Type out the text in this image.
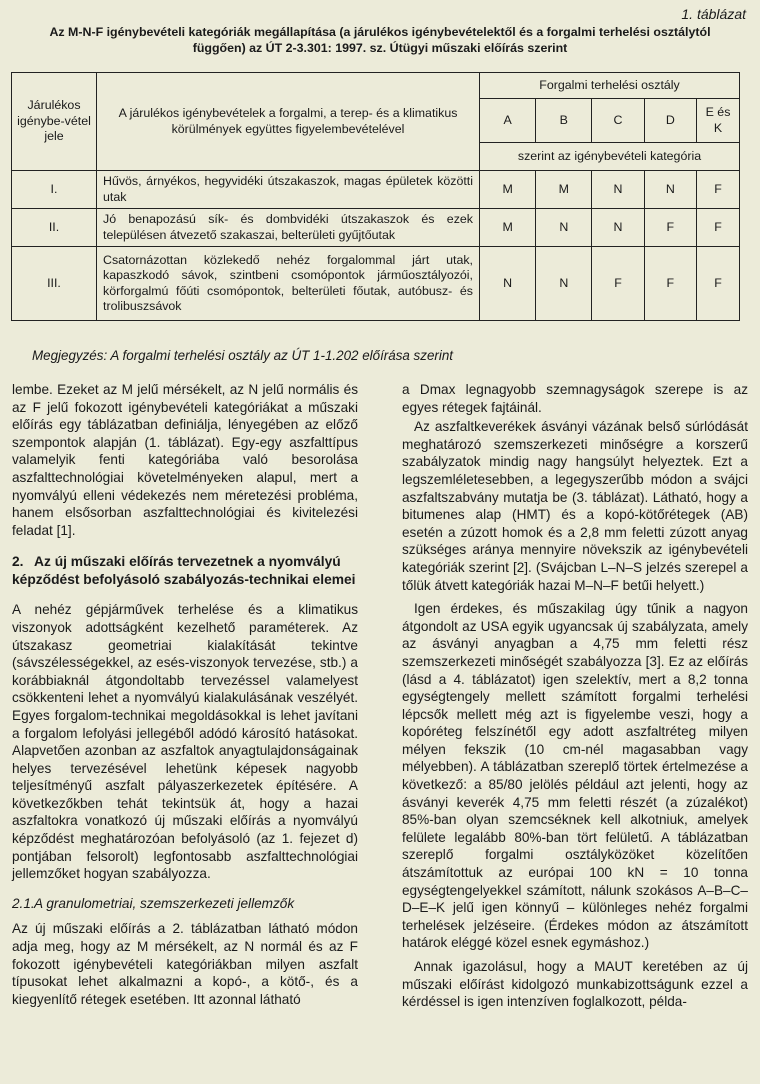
1. táblázat
Az M-N-F igénybevételi kategóriák megállapítása (a járulékos igénybevételektől és a forgalmi terhelési osztálytól függően) az ÚT 2-3.301: 1997. sz. Útügyi műszaki előírás szerint
Járulékos igénybe-vétel jele	A járulékos igénybevételek a forgalmi, a terep- és a klimatikus körülmények együttes figyelembevételével	Forgalmi terhelési osztály				
		A	B	C	D	E és K
		szerint az igénybevételi kategória				
I.	Hűvös, árnyékos, hegyvidéki útszakaszok, magas épületek közötti utak	M	M	N	N	F
II.	Jó benapozású sík- és dombvidéki útszakaszok és ezek településen átvezető szakaszai, belterületi gyűjtőutak	M	N	N	F	F
III.	Csatornázottan közlekedő nehéz forgalommal járt utak, kapaszkodó sávok, szintbeni csomópontok járműosztályozói, körforgalmú főúti csomópontok, belterületi főutak, autóbusz- és trolibuszsávok	N	N	F	F	F
Megjegyzés: A forgalmi terhelési osztály az ÚT 1-1.202 előírása szerint

lembe. Ezeket az M jelű mérsékelt, az N jelű normális és az F jelű fokozott igénybevételi kategóriákat a műszaki előírás egy táblázatban definiálja, lényegében az előző szempontok alapján (1. táblázat). Egy-egy aszfalttípus valamelyik fenti kategóriába való besorolása aszfalttechnológiai követelményeken alapul, mert a nyomvályú elleni védekezés nem méretezési probléma, hanem elsősorban aszfalttechnológiai és kivitelezési feladat [1].

2. Az új műszaki előírás tervezetnek a nyomvályú képződést befolyásoló szabályozás-technikai elemei

A nehéz gépjárművek terhelése és a klimatikus viszonyok adottságként kezelhető paraméterek. Az útszakasz geometriai kialakítását tekintve (sávszélességekkel, az esés-viszonyok tervezése, stb.) a korábbiaknál átgondoltabb tervezéssel valamelyest csökkenteni lehet a nyomvályú kialakulásának veszélyét. Egyes forgalom-technikai megoldásokkal is lehet javítani a forgalom lefolyási jellegéből adódó károsító hatásokat. Alapvetően azonban az aszfaltok anyagtulajdonságainak helyes tervezésével lehetünk képesek nagyobb teljesítményű aszfalt pályaszerkezetek építésére. A következőkben tehát tekintsük át, hogy a hazai aszfaltokra vonatkozó új műszaki előírás a nyomvályú képződést meghatározóan befolyásoló (az 1. fejezet d) pontjában felsorolt) legfontosabb aszfalttechnológiai jellemzőket hogyan szabályozza.

2.1.A granulometriai, szemszerkezeti jellemzők

Az új műszaki előírás a 2. táblázatban látható módon adja meg, hogy az M mérsékelt, az N normál és az F fokozott igénybevételi kategóriákban milyen aszfalt típusokat lehet alkalmazni a kopó-, a kötő-, és a kiegyenlítő rétegek esetében. Itt azonnal látható

a Dmax legnagyobb szemnagyságok szerepe is az egyes rétegek fajtáinál.

Az aszfaltkeverékek ásványi vázának belső súrlódását meghatározó szemszerkezeti minőségre a korszerű szabályzatok mindig nagy hangsúlyt helyeztek. Ezt a legszemléletesebben, a legegyszerűbb módon a svájci aszfaltszabvány mutatja be (3. táblázat). Látható, hogy a bitumenes alap (HMT) és a kopó-kötőrétegek (AB) esetén a zúzott homok és a 2,8 mm feletti zúzott anyag szükséges aránya mennyire növekszik az igénybevételi kategóriák szerint [2]. (Svájcban L–N–S jelzés szerepel a tőlük átvett kategóriák hazai M–N–F betűi helyett.)

Igen érdekes, és műszakilag úgy tűnik a nagyon átgondolt az USA egyik ugyancsak új szabályzata, amely az ásványi anyagban a 4,75 mm feletti rész szemszerkezeti minőségét szabályozza [3]. Ez az előírás (lásd a 4. táblázatot) igen szelektív, mert a 8,2 tonna egységtengely mellett számított forgalmi terhelési lépcsők mellett még azt is figyelembe veszi, hogy a kopóréteg felszínétől egy adott aszfaltréteg milyen mélyen fekszik (10 cm-nél magasabban vagy mélyebben). A táblázatban szereplő törtek értelmezése a következő: a 85/80 jelölés például azt jelenti, hogy az ásványi keverék 4,75 mm feletti részét (a zúzalékot) 85%-ban olyan szemcséknek kell alkotniuk, amelyek felülete legalább 80%-ban tört felületű. A táblázatban szereplő forgalmi osztályközöket közelítően átszámítottuk az európai 100 kN = 10 tonna egységtengelyekkel számított, nálunk szokásos A–B–C–D–E–K jelű igen könnyű – különleges nehéz forgalmi terhelések jelzéseire. (Érdekes módon az átszámított határok eléggé közel esnek egymáshoz.)

Annak igazolásul, hogy a MAUT keretében az új műszaki előírást kidolgozó munkabizottságunk ezzel a kérdéssel is igen intenzíven foglalkozott, példa-
